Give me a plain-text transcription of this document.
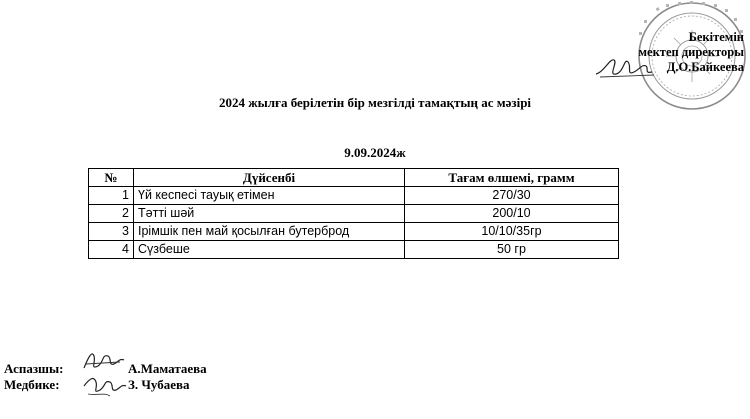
Бекітемін
мектеп директоры
Д.О.Байкеева
2024 жылға берілетін бір мезгілді тамақтың ас мәзірі
9.09.2024ж
№	Дүйсенбі	Тағам өлшемі, грамм
1	Үй кеспесі тауық етімен	270/30
2	Тәтті шәй	200/10
3	Ірімшік пен май қосылған бутерброд	10/10/35гр
4	Сүзбеше	50 гр
Аспазшы:	А.Маматаева
Медбике:	З. Чубаева
